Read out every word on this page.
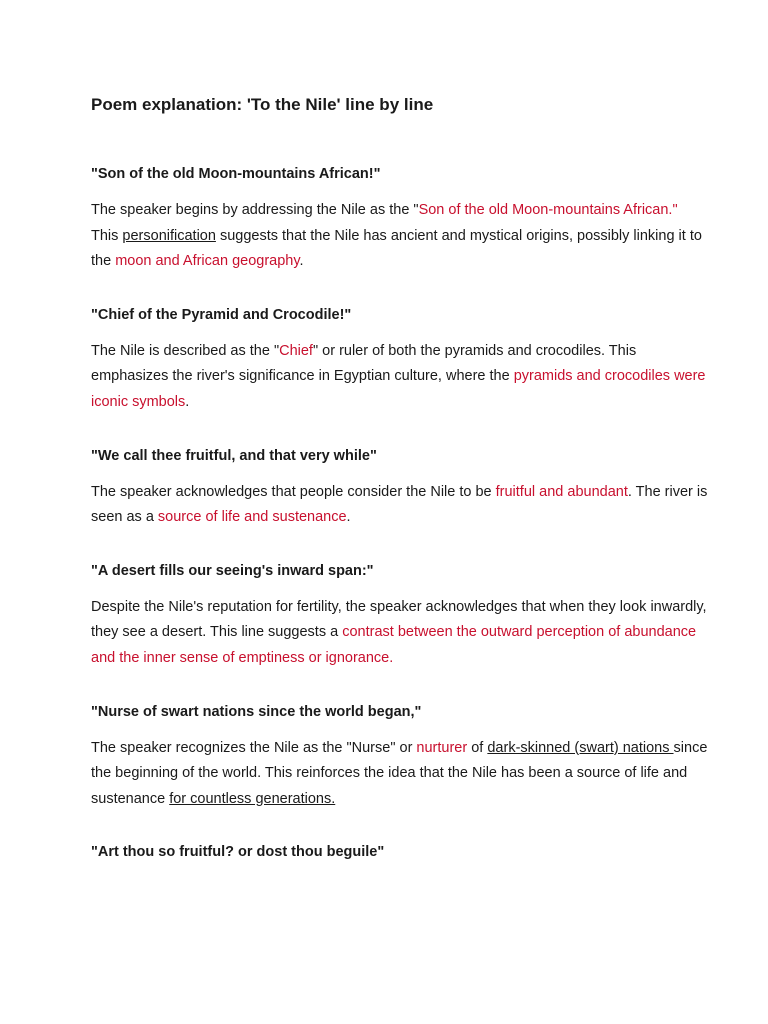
Poem explanation: 'To the Nile' line by line
"Son of the old Moon-mountains African!"

The speaker begins by addressing the Nile as the "Son of the old Moon-mountains African." This personification suggests that the Nile has ancient and mystical origins, possibly linking it to the moon and African geography.

"Chief of the Pyramid and Crocodile!"

The Nile is described as the "Chief" or ruler of both the pyramids and crocodiles. This emphasizes the river's significance in Egyptian culture, where the pyramids and crocodiles were iconic symbols.

"We call thee fruitful, and that very while"

The speaker acknowledges that people consider the Nile to be fruitful and abundant. The river is seen as a source of life and sustenance.

"A desert fills our seeing's inward span:"

Despite the Nile's reputation for fertility, the speaker acknowledges that when they look inwardly, they see a desert. This line suggests a contrast between the outward perception of abundance and the inner sense of emptiness or ignorance.

"Nurse of swart nations since the world began,"

The speaker recognizes the Nile as the "Nurse" or nurturer of dark-skinned (swart) nations since the beginning of the world. This reinforces the idea that the Nile has been a source of life and sustenance for countless generations.

"Art thou so fruitful? or dost thou beguile"
